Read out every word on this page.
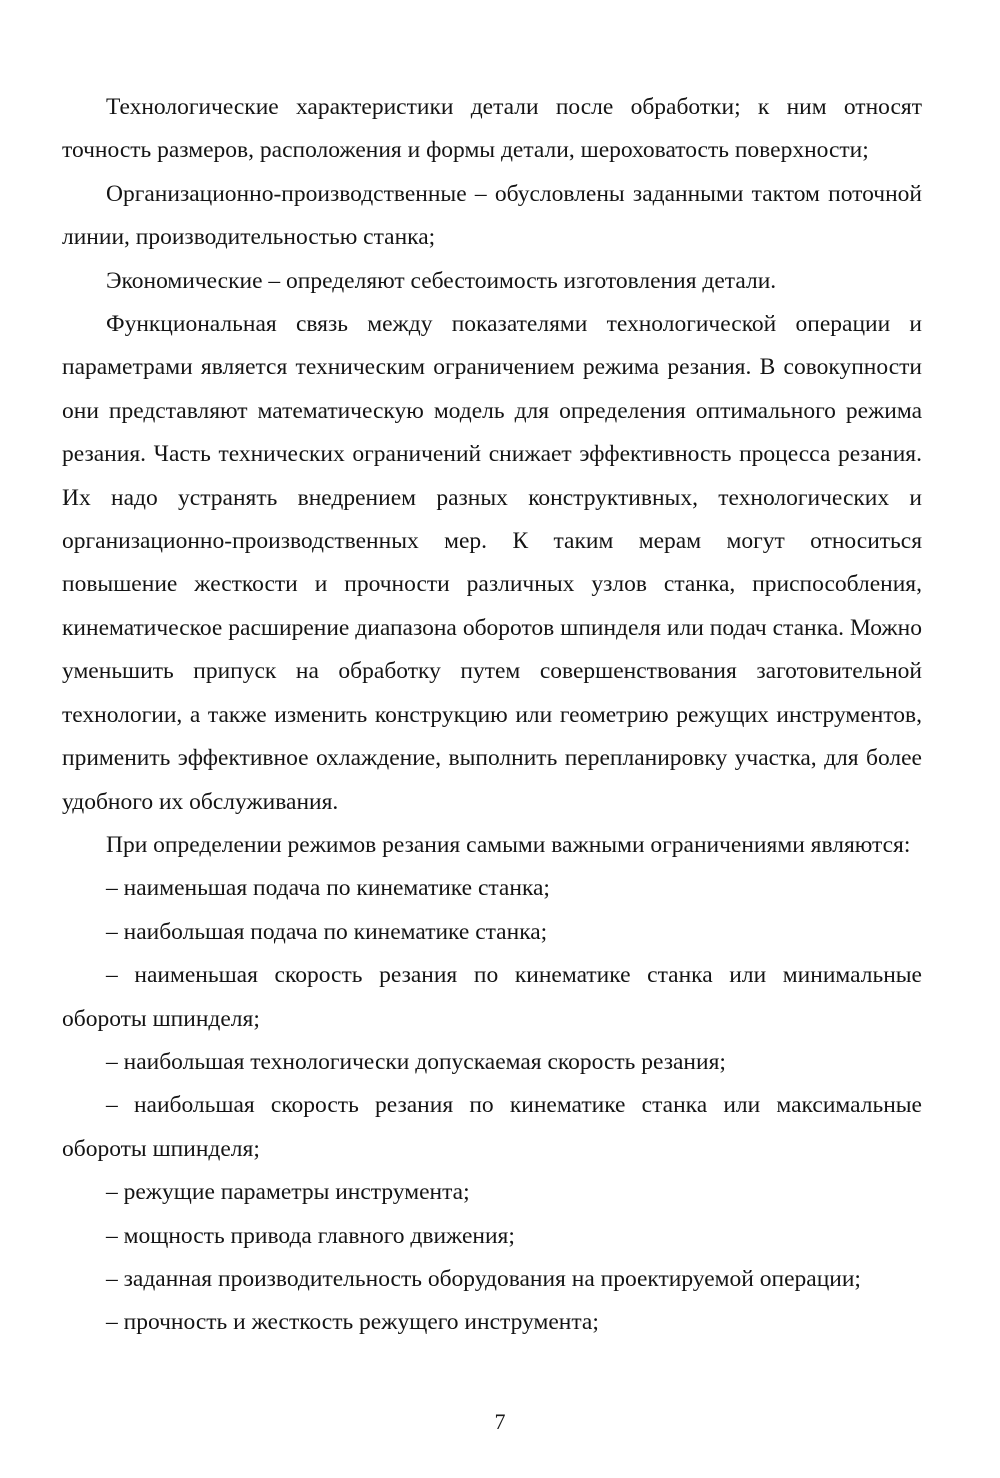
Технологические характеристики детали после обработки; к ним относят точность размеров, расположения и формы детали, шероховатость поверхности;

Организационно-производственные – обусловлены заданными тактом поточной линии, производительностью станка;

Экономические – определяют себестоимость изготовления детали.

Функциональная связь между показателями технологической операции и параметрами является техническим ограничением режима резания. В совокупности они представляют математическую модель для определения оптимального режима резания. Часть технических ограничений снижает эффективность процесса резания. Их надо устранять внедрением разных конструктивных, технологических и организационно-производственных мер. К таким мерам могут относиться повышение жесткости и прочности различных узлов станка, приспособления, кинематическое расширение диапазона оборотов шпинделя или подач станка. Можно уменьшить припуск на обработку путем совершенствования заготовительной технологии, а также изменить конструкцию или геометрию режущих инструментов, применить эффективное охлаждение, выполнить перепланировку участка, для более удобного их обслуживания.

При определении режимов резания самыми важными ограничениями являются:

– наименьшая подача по кинематике станка;

– наибольшая подача по кинематике станка;

– наименьшая скорость резания по кинематике станка или минимальные обороты шпинделя;

– наибольшая технологически допускаемая скорость резания;

– наибольшая скорость резания по кинематике станка или максимальные обороты шпинделя;

– режущие параметры инструмента;

– мощность привода главного движения;

– заданная производительность оборудования на проектируемой операции;

– прочность и жесткость режущего инструмента;

7
